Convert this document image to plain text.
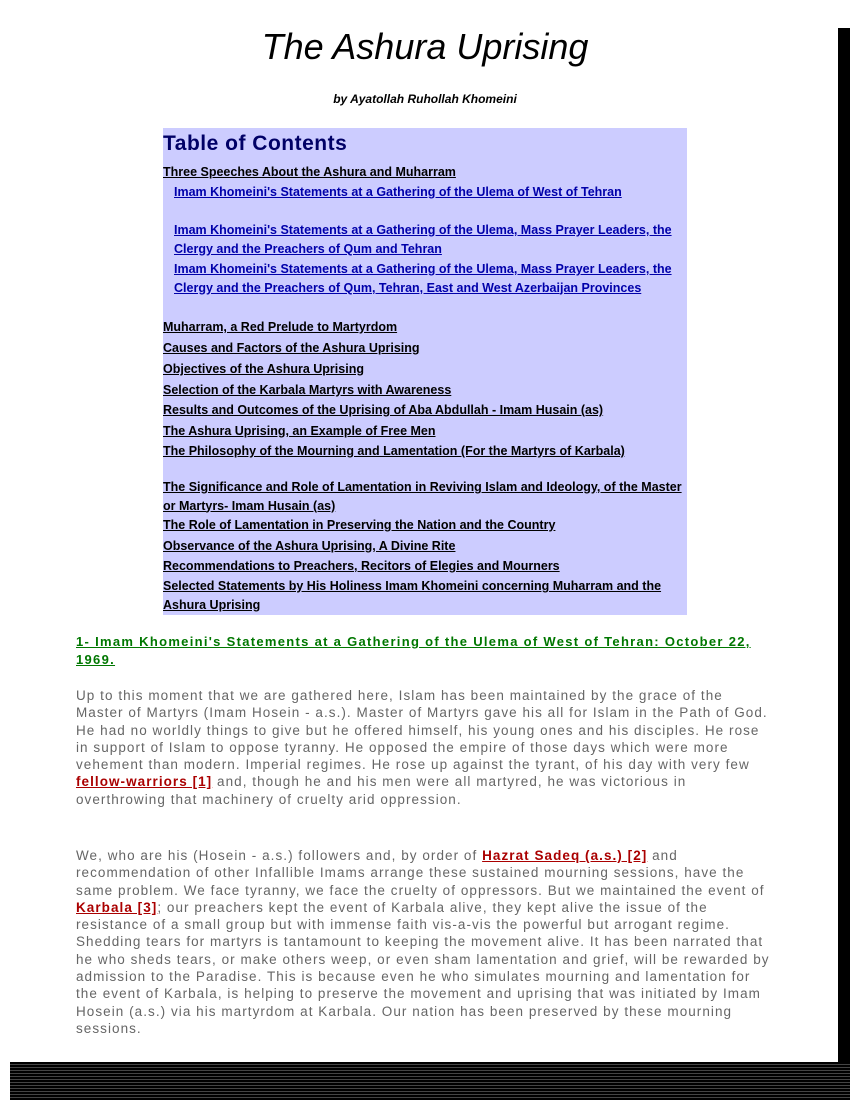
The Ashura Uprising
by Ayatollah Ruhollah Khomeini
Table of Contents
Three Speeches About the Ashura and Muharram
Imam Khomeini's Statements at a Gathering of the Ulema of West of Tehran
Imam Khomeini's Statements at a Gathering of the Ulema, Mass Prayer Leaders, the Clergy and the Preachers of Qum and Tehran
Imam Khomeini's Statements at a Gathering of the Ulema, Mass Prayer Leaders, the Clergy and the Preachers of Qum, Tehran, East and West Azerbaijan Provinces
Muharram, a Red Prelude to Martyrdom
Causes and Factors of the Ashura Uprising
Objectives of the Ashura Uprising
Selection of the Karbala Martyrs with Awareness
Results and Outcomes of the Uprising of Aba Abdullah - Imam Husain (as)
The Ashura Uprising, an Example of Free Men
The Philosophy of the Mourning and Lamentation (For the Martyrs of Karbala)
The Significance and Role of Lamentation in Reviving Islam and Ideology, of the Master or Martyrs- Imam Husain (as)
The Role of Lamentation in Preserving the Nation and the Country
Observance of the Ashura Uprising, A Divine Rite
Recommendations to Preachers, Recitors of Elegies and Mourners
Selected Statements by His Holiness Imam Khomeini concerning Muharram and the Ashura Uprising
1- Imam Khomeini's Statements at a Gathering of the Ulema of West of Tehran: October 22, 1969.
Up to this moment that we are gathered here, Islam has been maintained by the grace of the Master of Martyrs (Imam Hosein - a.s.). Master of Martyrs gave his all for Islam in the Path of God. He had no worldly things to give but he offered himself, his young ones and his disciples. He rose in support of Islam to oppose tyranny. He opposed the empire of those days which were more vehement than modern. Imperial regimes. He rose up against the tyrant, of his day with very few fellow-warriors [1] and, though he and his men were all martyred, he was victorious in overthrowing that machinery of cruelty arid oppression.
We, who are his (Hosein - a.s.) followers and, by order of Hazrat Sadeq (a.s.) [2] and recommendation of other Infallible Imams arrange these sustained mourning sessions, have the same problem. We face tyranny, we face the cruelty of oppressors. But we maintained the event of Karbala [3]; our preachers kept the event of Karbala alive, they kept alive the issue of the resistance of a small group but with immense faith vis-a-vis the powerful but arrogant regime. Shedding tears for martyrs is tantamount to keeping the movement alive. It has been narrated that he who sheds tears, or make others weep, or even sham lamentation and grief, will be rewarded by admission to the Paradise. This is because even he who simulates mourning and lamentation for the event of Karbala, is helping to preserve the movement and uprising that was initiated by Imam Hosein (a.s.) via his martyrdom at Karbala. Our nation has been preserved by these mourning sessions.
